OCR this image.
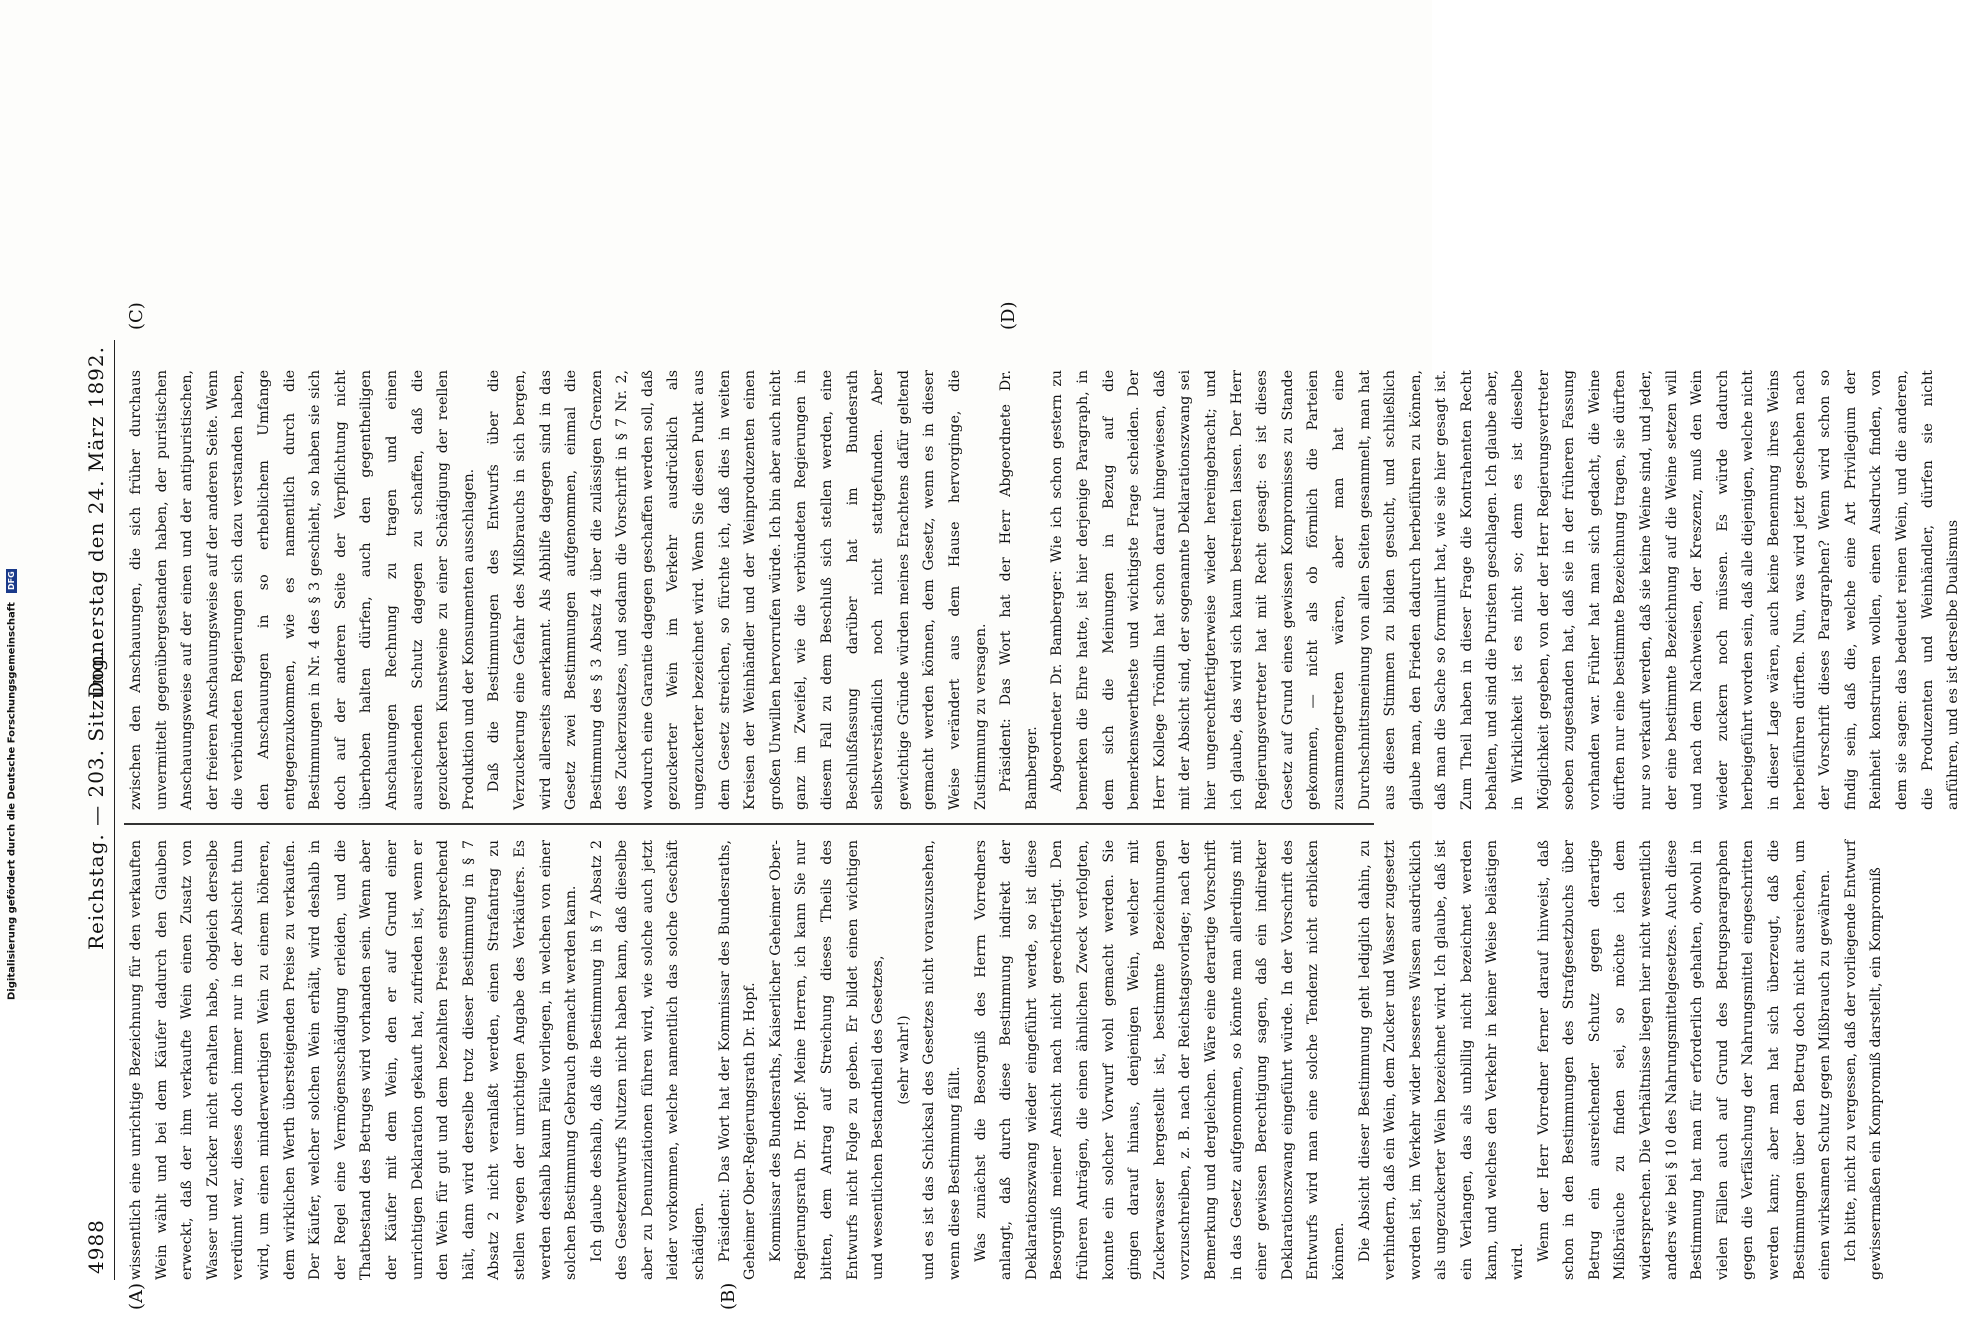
4988
Reichstag. — 203. Sitzung.
Donnerstag den 24. März 1892.
(A)	(B)
(C)	(D)

wissentlich eine unrichtige Bezeichnung für den verkauften Wein wählt und bei dem Käufer dadurch den Glauben erweckt, daß der ihm verkaufte Wein einen Zusatz von Wasser und Zucker nicht erhalten habe, obgleich derselbe verdünnt war, dieses doch immer nur in der Absicht thun wird, um einen minderwerthigen Wein zu einem höheren, dem wirklichen Werth übersteigenden Preise zu verkaufen. Der Käufer, welcher solchen Wein erhält, wird deshalb in der Regel eine Vermögensschädigung erleiden, und die Thatbestand des Betruges wird vorhanden sein. Wenn aber der Käufer mit dem Wein, den er auf Grund einer unrichtigen Deklaration gekauft hat, zufrieden ist, wenn er den Wein für gut und dem bezahlten Preise entsprechend hält, dann wird derselbe trotz dieser Bestimmung in § 7 Absatz 2 nicht veranlaßt werden, einen Strafantrag zu stellen wegen der unrichtigen Angabe des Verkäufers. Es werden deshalb kaum Fälle vorliegen, in welchen von einer solchen Bestimmung Gebrauch gemacht werden kann. Ich glaube deshalb, daß die Bestimmung in § 7 Absatz 2 des Gesetzentwurfs Nutzen nicht haben kann, daß dieselbe aber zu Denunziationen führen wird, wie solche auch jetzt leider vorkommen, welche namentlich das solche Geschäft schädigen. Präsident: Das Wort hat der Kommissar des Bundesraths, Geheimer Ober-Regierungsrath Dr. Hopf. Kommissar des Bundesraths, Kaiserlicher Geheimer Ober-Regierungsrath Dr. Hopf: Meine Herren, ich kann Sie nur bitten, dem Antrag auf Streichung dieses Theils des Entwurfs nicht Folge zu geben. Er bildet einen wichtigen und wesentlichen Bestandtheil des Gesetzes, (sehr wahr!) und es ist das Schicksal des Gesetzes nicht vorauszusehen, wenn diese Bestimmung fällt. Was zunächst die Besorgniß des Herrn Vorredners anlangt, daß durch diese Bestimmung indirekt der Deklarationszwang wieder eingeführt werde, so ist diese Besorgniß meiner Ansicht nach nicht gerechtfertigt. Den früheren Anträgen, die einen ähnlichen Zweck verfolgten, konnte ein solcher Vorwurf wohl gemacht werden. Sie gingen darauf hinaus, denjenigen Wein, welcher mit Zuckerwasser hergestellt ist, bestimmte Bezeichnungen vorzuschreiben, z. B. nach der Reichstagsvorlage; nach der Bemerkung und dergleichen. Wäre eine derartige Vorschrift in das Gesetz aufgenommen, so könnte man allerdings mit einer gewissen Berechtigung sagen, daß ein indirekter Deklarationszwang eingeführt würde. In der Vorschrift des Entwurfs wird man eine solche Tendenz nicht erblicken können. Die Absicht dieser Bestimmung geht lediglich dahin, zu verhindern, daß ein Wein, dem Zucker und Wasser zugesetzt worden ist, im Verkehr wider besseres Wissen ausdrücklich als ungezuckerter Wein bezeichnet wird. Ich glaube, daß ist ein Verlangen, das als unbillig nicht bezeichnet werden kann, und welches den Verkehr in keiner Weise belästigen wird. Wenn der Herr Vorredner ferner darauf hinweist, daß schon in den Bestimmungen des Strafgesetzbuchs über Betrug ein ausreichender Schutz gegen derartige Mißbräuche zu finden sei, so möchte ich dem widersprechen. Die Verhältnisse liegen hier nicht wesentlich anders wie bei § 10 des Nahrungsmittelgesetzes. Auch diese Bestimmung hat man für erforderlich gehalten, obwohl in vielen Fällen auch auf Grund des Betrugsparagraphen gegen die Verfälschung der Nahrungsmittel eingeschritten werden kann; aber man hat sich überzeugt, daß die Bestimmungen über den Betrug doch nicht ausreichen, um einen wirksamen Schutz gegen Mißbrauch zu gewähren. Ich bitte, nicht zu vergessen, daß der vorliegende Entwurf gewissermaßen ein Kompromiß darstellt, ein Kompromiß

zwischen den Anschauungen, die sich früher durchaus unvermittelt gegenübergestanden haben, der puristischen Anschauungsweise auf der einen und der antipuristischen, der freieren Anschauungsweise auf der anderen Seite. Wenn die verbündeten Regierungen sich dazu verstanden haben, den Anschauungen in so erheblichem Umfange entgegenzukommen, wie es namentlich durch die Bestimmungen in Nr. 4 des § 3 geschieht, so haben sie sich doch auf der anderen Seite der Verpflichtung nicht überhoben halten dürfen, auch den gegentheiligen Anschauungen Rechnung zu tragen und einen ausreichenden Schutz dagegen zu schaffen, daß die gezuckerten Kunstweine zu einer Schädigung der reellen Produktion und der Konsumenten ausschlagen. Daß die Bestimmungen des Entwurfs über die Verzuckerung eine Gefahr des Mißbrauchs in sich bergen, wird allerseits anerkannt. Als Abhilfe dagegen sind in das Gesetz zwei Bestimmungen aufgenommen, einmal die Bestimmung des § 3 Absatz 4 über die zulässigen Grenzen des Zuckerzusatzes, und sodann die Vorschrift in § 7 Nr. 2, wodurch eine Garantie dagegen geschaffen werden soll, daß gezuckerter Wein im Verkehr ausdrücklich als ungezuckerter bezeichnet wird. Wenn Sie diesen Punkt aus dem Gesetz streichen, so fürchte ich, daß dies in weiten Kreisen der Weinhändler und der Weinproduzenten einen großen Unwillen hervorrufen würde. Ich bin aber auch nicht ganz im Zweifel, wie die verbündeten Regierungen in diesem Fall zu dem Beschluß sich stellen werden, eine Beschlußfassung darüber hat im Bundesrath selbstverständlich noch nicht stattgefunden. Aber gewichtige Gründe würden meines Erachtens dafür geltend gemacht werden können, dem Gesetz, wenn es in dieser Weise verändert aus dem Hause hervorginge, die Zustimmung zu versagen. Präsident: Das Wort hat der Herr Abgeordnete Dr. Bamberger. Abgeordneter Dr. Bamberger: Wie ich schon gestern zu bemerken die Ehre hatte, ist hier derjenige Paragraph, in dem sich die Meinungen in Bezug auf die bemerkenswertheste und wichtigste Frage scheiden. Der Herr Kollege Tröndlin hat schon darauf hingewiesen, daß mit der Absicht sind, der sogenannte Deklarationszwang sei hier ungerechtfertigterweise wieder hereingebracht; und ich glaube, das wird sich kaum bestreiten lassen. Der Herr Regierungsvertreter hat mit Recht gesagt: es ist dieses Gesetz auf Grund eines gewissen Kompromisses zu Stande gekommen, — nicht als ob förmlich die Parteien zusammengetreten wären, aber man hat eine Durchschnittsmeinung von allen Seiten gesammelt, man hat aus diesen Stimmen zu bilden gesucht, und schließlich glaube man, den Frieden dadurch herbeiführen zu können, daß man die Sache so formulirt hat, wie sie hier gesagt ist. Zum Theil haben in dieser Frage die Kontrahenten Recht behalten, und sind die Puristen geschlagen. Ich glaube aber, in Wirklichkeit ist es nicht so; denn es ist dieselbe Möglichkeit gegeben, von der der Herr Regierungsvertreter soeben zugestanden hat, daß sie in der früheren Fassung vorhanden war. Früher hat man sich gedacht, die Weine dürften nur eine bestimmte Bezeichnung tragen, sie dürften nur so verkauft werden, daß sie keine Weine sind, und jeder, der eine bestimmte Bezeichnung auf die Weine setzen will und nach dem Nachweisen, der Kreszenz, muß den Wein wieder zuckern noch müssen. Es würde dadurch herbeigeführt worden sein, daß alle diejenigen, welche nicht in dieser Lage wären, auch keine Benennung ihres Weins herbeiführen dürften. Nun, was wird jetzt geschehen nach der Vorschrift dieses Paragraphen? Wenn wird schon so findig sein, daß die, welche eine Art Privilegium der Reinheit konstruiren wollen, einen Ausdruck finden, von dem sie sagen: das bedeutet reinen Wein, und die anderen, die Produzenten und Weinhändler, dürfen sie nicht anführen, und es ist derselbe Dualismus

Digitalisierung gefördert durch die Deutsche Forschungsgemeinschaft DFG
